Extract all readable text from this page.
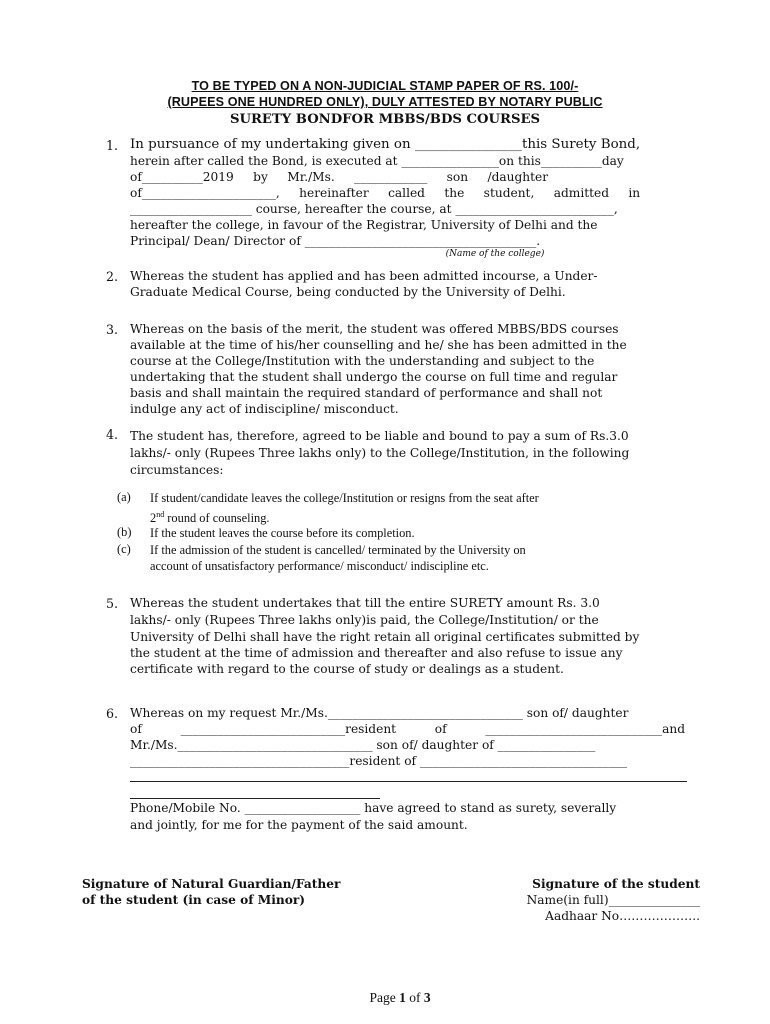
TO BE TYPED ON A NON-JUDICIAL STAMP PAPER OF RS. 100/-
(RUPEES ONE HUNDRED ONLY), DULY ATTESTED BY NOTARY PUBLIC
SURETY BONDFOR MBBS/BDS COURSES
1. In pursuance of my undertaking given on ________________this Surety Bond,
herein after called the Bond, is executed at ________________on this__________day
of__________2019     by     Mr./Ms.     ____________     son     /daughter
of______________________,     hereinafter     called     the     student,     admitted     in
____________________ course, hereafter the course, at __________________________,
hereafter the college, in favour of the Registrar, University of Delhi and the
Principal/ Dean/ Director of ______________________________________.
(Name of the college)
2. Whereas the student has applied and has been admitted incourse, a Under-
Graduate Medical Course, being conducted by the University of Delhi.
3. Whereas on the basis of the merit, the student was offered MBBS/BDS courses
available at the time of his/her counselling and he/ she has been admitted in the
course at the College/Institution with the understanding and subject to the
undertaking that the student shall undergo the course on full time and regular
basis and shall maintain the required standard of performance and shall not
indulge any act of indiscipline/ misconduct.
4. The student has, therefore, agreed to be liable and bound to pay a sum of Rs.3.0
lakhs/- only (Rupees Three lakhs only) to the College/Institution, in the following
circumstances:
(a) If student/candidate leaves the college/Institution or resigns from the seat after
2nd round of counseling.
(b) If the student leaves the course before its completion.
(c) If the admission of the student is cancelled/ terminated by the University on
account of unsatisfactory performance/ misconduct/ indiscipline etc.
5. Whereas the student undertakes that till the entire SURETY amount Rs. 3.0
lakhs/- only (Rupees Three lakhs only)is paid, the College/Institution/ or the
University of Delhi shall have the right retain all original certificates submitted by
the student at the time of admission and thereafter and also refuse to issue any
certificate with regard to the course of study or dealings as a student.
6. Whereas on my request Mr./Ms.________________________________ son of/ daughter
of          ___________________________resident          of          _____________________________and
Mr./Ms.________________________________ son of/ daughter of ________________
____________________________________resident of __________________________________
Phone/Mobile No. ___________________ have agreed to stand as surety, severally
and jointly, for me for the payment of the said amount.
Signature of Natural Guardian/Father
of the student (in case of Minor)
Signature of the student
Name(in full)_______________
Aadhaar No………………..
Page 1 of 3
